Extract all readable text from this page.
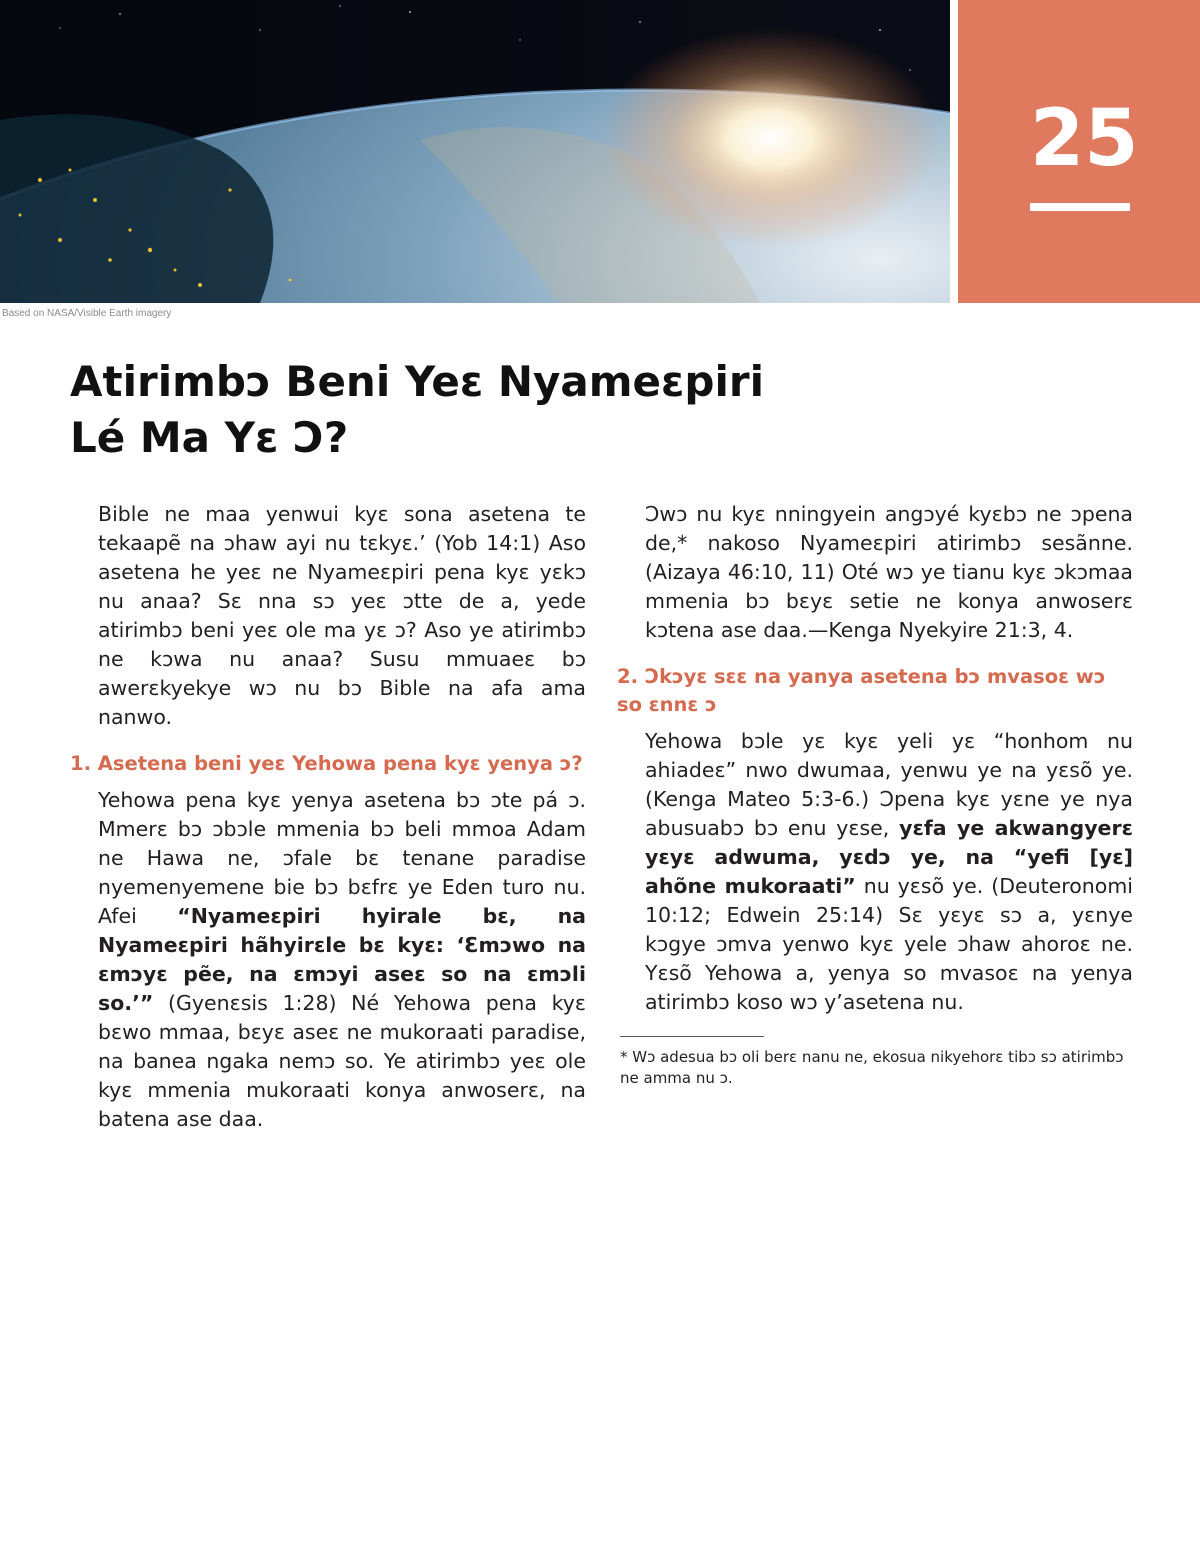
Based on NASA/Visible Earth imagery
25
Atirimbɔ Beni Yeɛ Nyameɛpiri
Lé Ma Yɛ Ɔ?

Bible ne maa yenwui kyɛ sona asetena te tekaapẽ na ɔhaw ayi nu tɛkyɛ.’ (Yob 14:1) Aso asetena he yeɛ ne Nyameɛpiri pena kyɛ yɛkɔ nu anaa? Sɛ nna sɔ yeɛ ɔtte de a, yede atirimbɔ beni yeɛ ole ma yɛ ɔ? Aso ye atirimbɔ ne kɔwa nu anaa? Susu mmuaeɛ bɔ awerɛkyekye wɔ nu bɔ Bible na afa ama nanwo.

1. Asetena beni yeɛ Yehowa pena kyɛ yenya ɔ?

Yehowa pena kyɛ yenya asetena bɔ ɔte pá ɔ. Mmerɛ bɔ ɔbɔle mmenia bɔ beli mmoa Adam ne Hawa ne, ɔfale bɛ tenane paradise nyemenyemene bie bɔ bɛfrɛ ye Eden turo nu. Afei “Nyameɛpiri hyirale bɛ, na Nyameɛpiri hãhyirɛle bɛ kyɛ: ‘Ɛmɔwo na ɛmɔyɛ pẽe, na ɛmɔyi aseɛ so na ɛmɔli so.’” (Gyenɛsis 1:28) Né Yehowa pena kyɛ bɛwo mmaa, bɛyɛ aseɛ ne mukoraati paradise, na banea ngaka nemɔ so. Ye atirimbɔ yeɛ ole kyɛ mmenia mukoraati konya anwoserɛ, na batena ase daa.

Ɔwɔ nu kyɛ nningyein angɔyé kyɛbɔ ne ɔpena de,* nakoso Nyameɛpiri atirimbɔ sesãnne. (Aizaya 46:10, 11) Oté wɔ ye tianu kyɛ ɔkɔmaa mmenia bɔ bɛyɛ setie ne konya anwoserɛ kɔtena ase daa.—Kenga Nyekyire 21:3, 4.

2. Ɔkɔyɛ sɛɛ na yanya asetena bɔ mvasoɛ wɔ so ɛnnɛ ɔ

Yehowa bɔle yɛ kyɛ yeli yɛ “honhom nu ahiadeɛ” nwo dwumaa, yenwu ye na yɛsõ ye. (Kenga Mateo 5:3-6.) Ɔpena kyɛ yɛne ye nya abusuabɔ bɔ enu yɛse, yɛfa ye akwangyerɛ yɛyɛ adwuma, yɛdɔ ye, na “yefi [yɛ] ahõne mukoraati” nu yɛsõ ye. (Deuteronomi 10:12; Edwein 25:14) Sɛ yɛyɛ sɔ a, yɛnye kɔgye ɔmva yenwo kyɛ yele ɔhaw ahoroɛ ne. Yɛsõ Yehowa a, yenya so mvasoɛ na yenya atirimbɔ koso wɔ y’asetena nu.

* Wɔ adesua bɔ oli berɛ nanu ne, ekosua nikyehorɛ tibɔ sɔ atirimbɔ ne amma nu ɔ.
